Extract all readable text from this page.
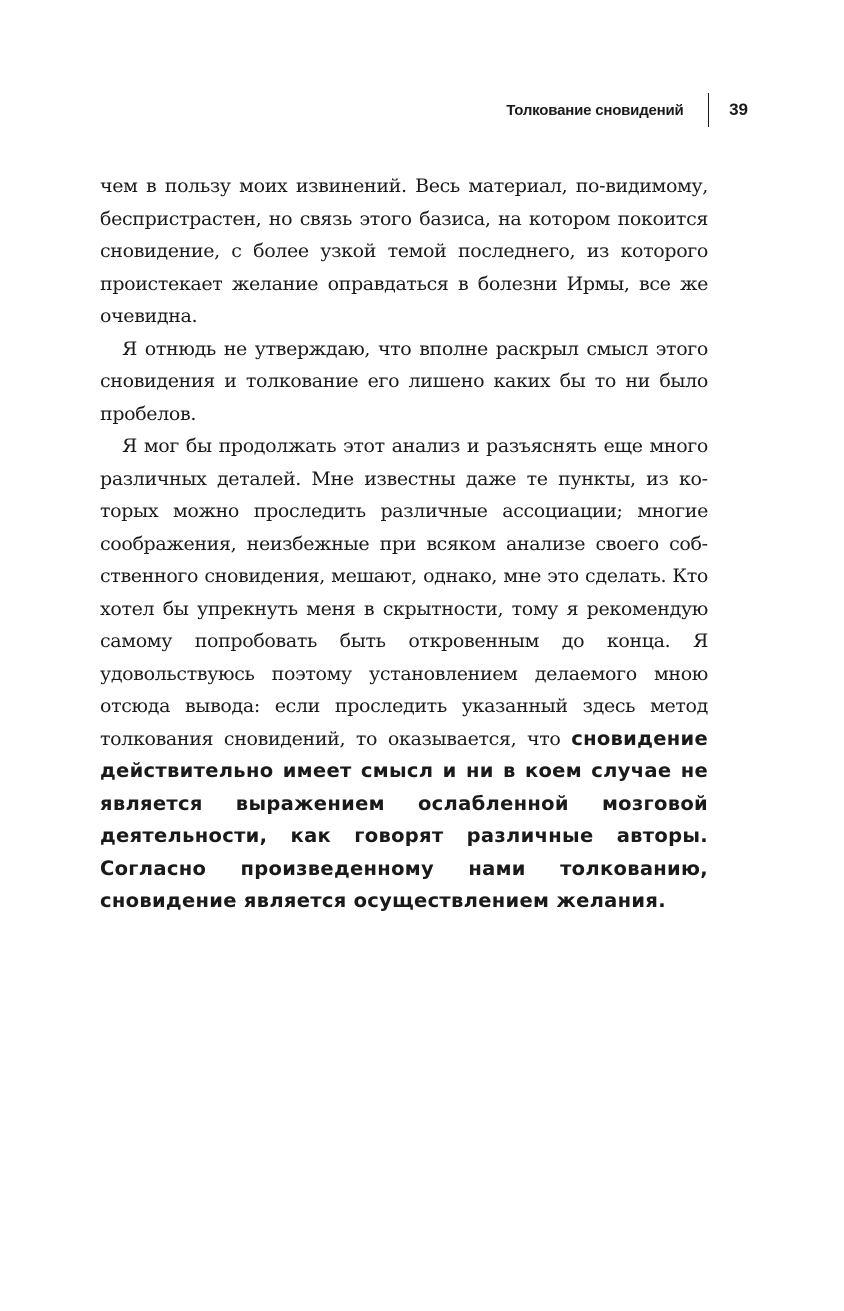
Толкование сновидений	39

чем в пользу моих извинений. Весь материал, по-видимому, беспристрастен, но связь этого базиса, на котором покоится сновидение, с более узкой темой последнего, из которого проистекает желание оправдаться в болезни Ирмы, все же очевидна.

Я отнюдь не утверждаю, что вполне раскрыл смысл этого сновидения и толкование его лишено каких бы то ни было пробелов.

Я мог бы продолжать этот анализ и разъяснять еще много различных деталей. Мне известны даже те пункты, из которых можно проследить различные ассоциации; многие соображения, неизбежные при всяком анализе своего собственного сновидения, мешают, однако, мне это сделать. Кто хотел бы упрекнуть меня в скрытности, тому я рекомендую самому попробовать быть откровенным до конца. Я удовольствуюсь поэтому установлением делаемого мною отсюда вывода: если проследить указанный здесь метод толкования сновидений, то оказывается, что сновидение действительно имеет смысл и ни в коем случае не является выражением ослабленной мозговой деятельности, как говорят различные авторы. Согласно произведенному нами толкованию, сновидение является осуществлением желания.
